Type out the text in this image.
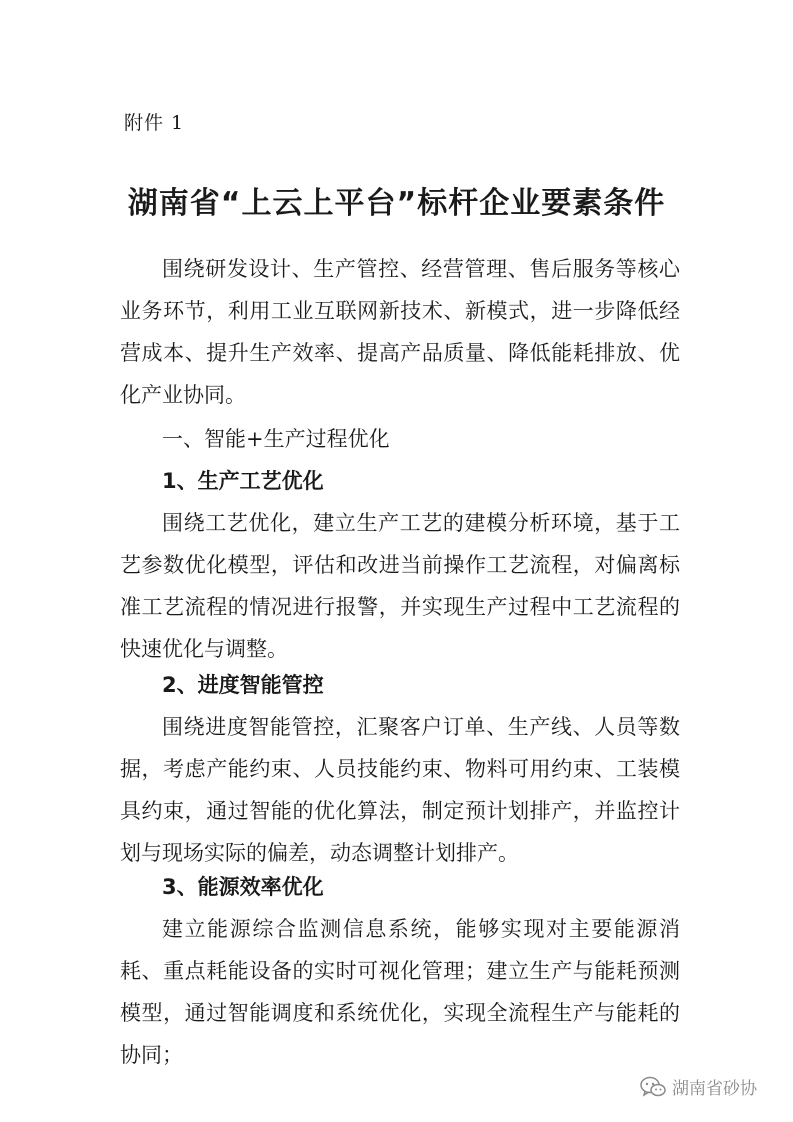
附件 1
湖南省“上云上平台”标杆企业要素条件

围绕研发设计、生产管控、经营管理、售后服务等核心业务环节，利用工业互联网新技术、新模式，进一步降低经营成本、提升生产效率、提高产品质量、降低能耗排放、优化产业协同。

一、智能+生产过程优化

1、生产工艺优化

围绕工艺优化，建立生产工艺的建模分析环境，基于工艺参数优化模型，评估和改进当前操作工艺流程，对偏离标准工艺流程的情况进行报警，并实现生产过程中工艺流程的快速优化与调整。

2、进度智能管控

围绕进度智能管控，汇聚客户订单、生产线、人员等数据，考虑产能约束、人员技能约束、物料可用约束、工装模具约束，通过智能的优化算法，制定预计划排产，并监控计划与现场实际的偏差，动态调整计划排产。

3、能源效率优化

建立能源综合监测信息系统，能够实现对主要能源消耗、重点耗能设备的实时可视化管理；建立生产与能耗预测模型，通过智能调度和系统优化，实现全流程生产与能耗的协同；

湖南省砂协
